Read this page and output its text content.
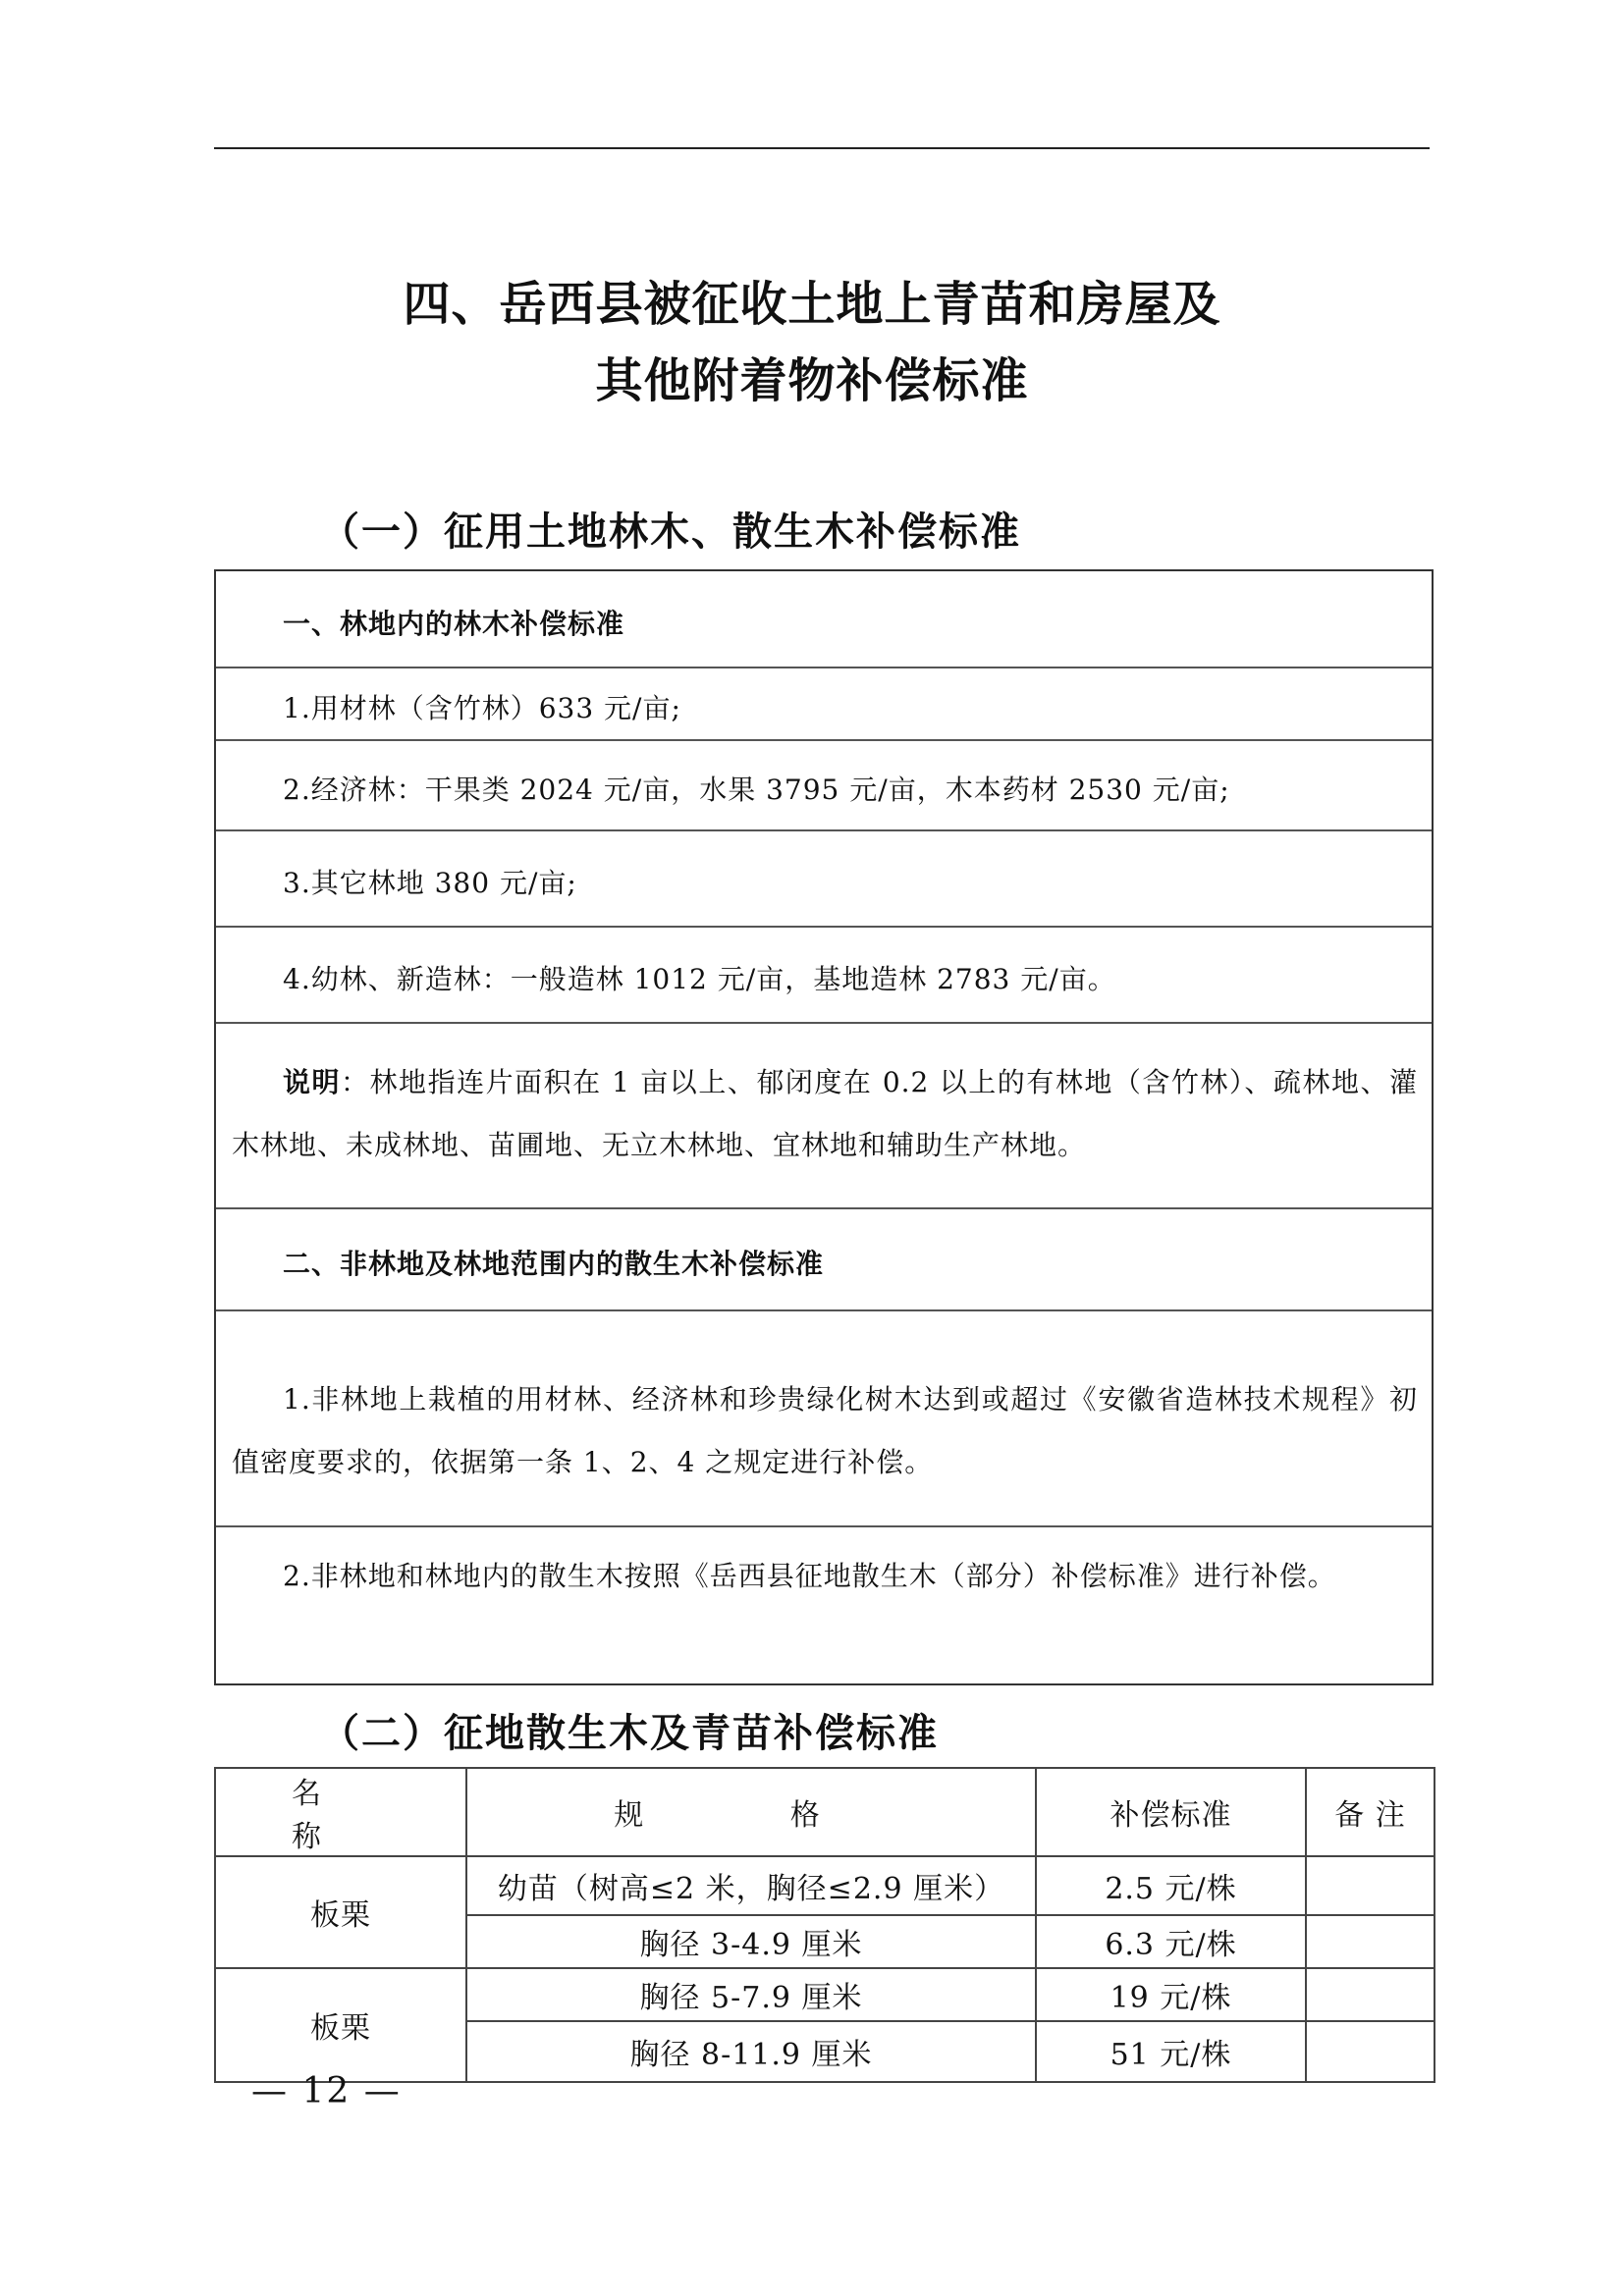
四、岳西县被征收土地上青苗和房屋及
其他附着物补偿标准
（一）征用土地林木、散生木补偿标准
一、林地内的林木补偿标准
1.用材林（含竹林）633 元/亩;
2.经济林：干果类 2024 元/亩，水果 3795 元/亩，木本药材 2530 元/亩;
3.其它林地 380 元/亩;
4.幼林、新造林：一般造林 1012 元/亩，基地造林 2783 元/亩。
说明：林地指连片面积在 1 亩以上、郁闭度在 0.2 以上的有林地（含竹林）、疏林地、灌木林地、未成林地、苗圃地、无立木林地、宜林地和辅助生产林地。
二、非林地及林地范围内的散生木补偿标准
1.非林地上栽植的用材林、经济林和珍贵绿化树木达到或超过《安徽省造林技术规程》初值密度要求的，依据第一条 1、2、4 之规定进行补偿。
2.非林地和林地内的散生木按照《岳西县征地散生木（部分）补偿标准》进行补偿。
（二）征地散生木及青苗补偿标准
名 称	规 格	补偿标准	备 注
板栗	幼苗（树高≤2 米，胸径≤2.9 厘米）	2.5 元/株	
	胸径 3-4.9 厘米	6.3 元/株	
板栗	胸径 5-7.9 厘米	19 元/株	
	胸径 8-11.9 厘米	51 元/株	
— 12 —
